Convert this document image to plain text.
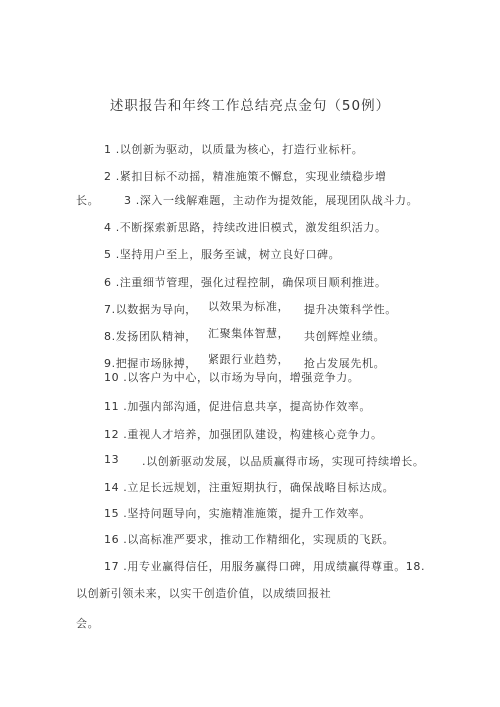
述职报告和年终工作总结亮点金句（50例）
1 .以创新为驱动，以质量为核心，打造行业标杆。
2 .紧扣目标不动摇，精准施策不懈怠，实现业绩稳步增
长。 3 .深入一线解难题，主动作为提效能，展现团队战斗力。
4 .不断探索新思路，持续改进旧模式，激发组织活力。
5 .坚持用户至上，服务至诚，树立良好口碑。
6 .注重细节管理，强化过程控制，确保项目顺利推进。
7.以数据为导向， 以效果为标准， 提升决策科学性。
8.发扬团队精神， 汇聚集体智慧， 共创辉煌业绩。
9.把握市场脉搏， 紧跟行业趋势， 抢占发展先机。
10 .以客户为中心，以市场为导向，增强竞争力。
11 .加强内部沟通，促进信息共享，提高协作效率。
12 .重视人才培养，加强团队建设，构建核心竞争力。
13 .以创新驱动发展，以品质赢得市场，实现可持续增长。
14 .立足长远规划，注重短期执行，确保战略目标达成。
15 .坚持问题导向，实施精准施策，提升工作效率。
16 .以高标准严要求，推动工作精细化，实现质的飞跃。
17 .用专业赢得信任，用服务赢得口碑，用成绩赢得尊重。18.
以创新引领未来，以实干创造价值，以成绩回报社
会。
